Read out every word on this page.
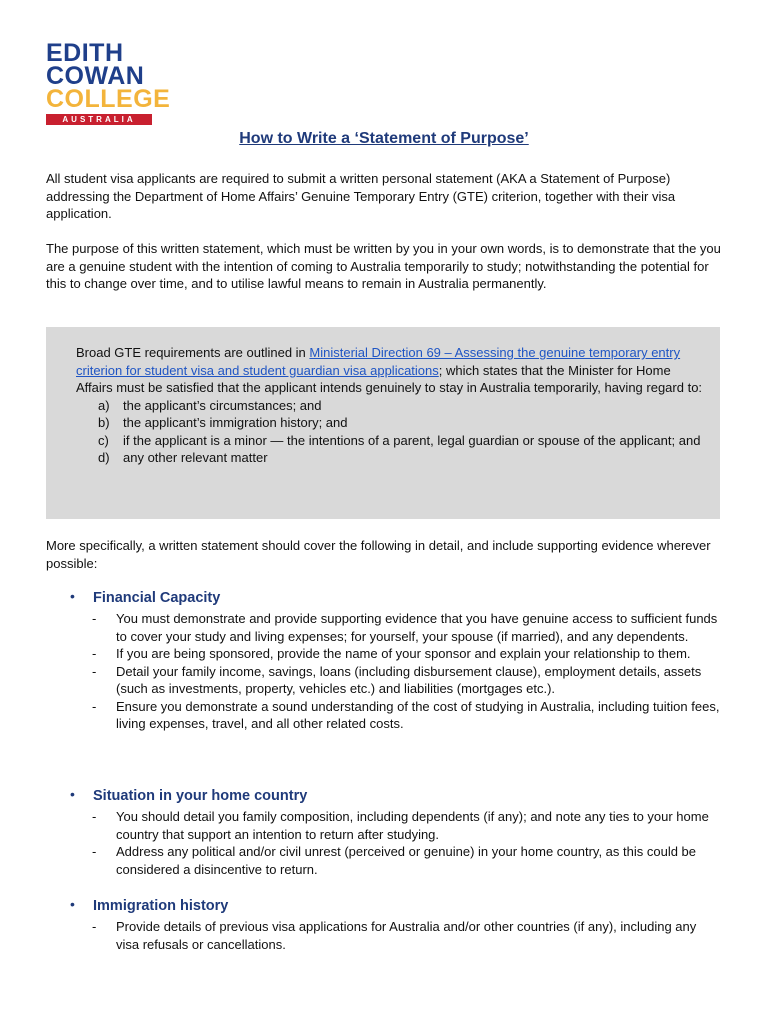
EDITH
COWAN
COLLEGE
AUSTRALIA
How to Write a ‘Statement of Purpose’
All student visa applicants are required to submit a written personal statement (AKA a Statement of Purpose) addressing the Department of Home Affairs’ Genuine Temporary Entry (GTE) criterion, together with their visa application.
The purpose of this written statement, which must be written by you in your own words, is to demonstrate that the you are a genuine student with the intention of coming to Australia temporarily to study; notwithstanding the potential for this to change over time, and to utilise lawful means to remain in Australia permanently.
Broad GTE requirements are outlined in Ministerial Direction 69 – Assessing the genuine temporary entry criterion for student visa and student guardian visa applications; which states that the Minister for Home Affairs must be satisfied that the applicant intends genuinely to stay in Australia temporarily, having regard to:
a) the applicant’s circumstances; and
b) the applicant’s immigration history; and
c) if the applicant is a minor — the intentions of a parent, legal guardian or spouse of the applicant; and
d) any other relevant matter
More specifically, a written statement should cover the following in detail, and include supporting evidence wherever possible:
• Financial Capacity
- You must demonstrate and provide supporting evidence that you have genuine access to sufficient funds to cover your study and living expenses; for yourself, your spouse (if married), and any dependents.
- If you are being sponsored, provide the name of your sponsor and explain your relationship to them.
- Detail your family income, savings, loans (including disbursement clause), employment details, assets (such as investments, property, vehicles etc.) and liabilities (mortgages etc.).
- Ensure you demonstrate a sound understanding of the cost of studying in Australia, including tuition fees, living expenses, travel, and all other related costs.
• Situation in your home country
- You should detail you family composition, including dependents (if any); and note any ties to your home country that support an intention to return after studying.
- Address any political and/or civil unrest (perceived or genuine) in your home country, as this could be considered a disincentive to return.
• Immigration history
- Provide details of previous visa applications for Australia and/or other countries (if any), including any visa refusals or cancellations.
